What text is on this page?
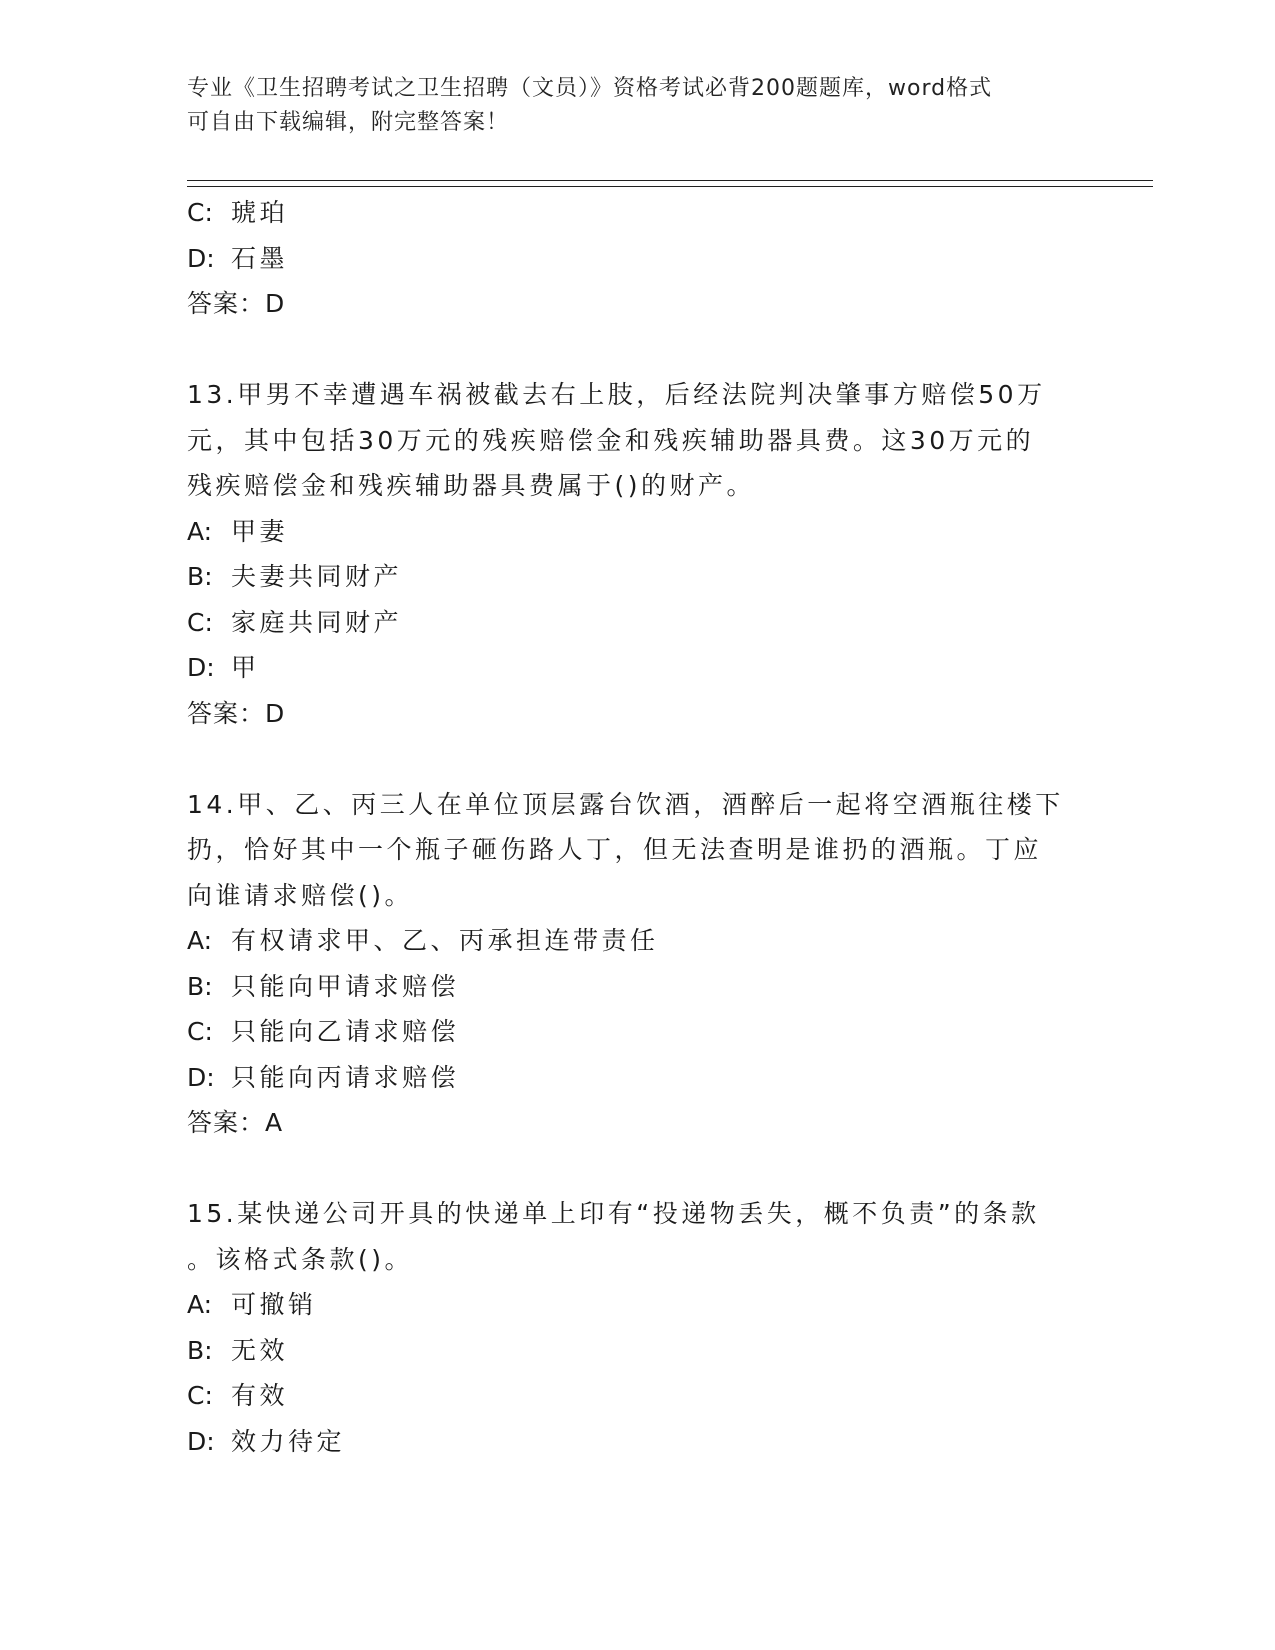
专业《卫生招聘考试之卫生招聘（文员）》资格考试必背200题题库，word格式
可自由下载编辑，附完整答案！
C: 琥珀
D: 石墨
答案：D
13.甲男不幸遭遇车祸被截去右上肢，后经法院判决肇事方赔偿50万
元，其中包括30万元的残疾赔偿金和残疾辅助器具费。这30万元的
残疾赔偿金和残疾辅助器具费属于()的财产。
A: 甲妻
B: 夫妻共同财产
C: 家庭共同财产
D: 甲
答案：D
14.甲、乙、丙三人在单位顶层露台饮酒，酒醉后一起将空酒瓶往楼下
扔，恰好其中一个瓶子砸伤路人丁，但无法查明是谁扔的酒瓶。丁应
向谁请求赔偿()。
A: 有权请求甲、乙、丙承担连带责任
B: 只能向甲请求赔偿
C: 只能向乙请求赔偿
D: 只能向丙请求赔偿
答案：A
15.某快递公司开具的快递单上印有“投递物丢失，概不负责”的条款
。该格式条款()。
A: 可撤销
B: 无效
C: 有效
D: 效力待定
